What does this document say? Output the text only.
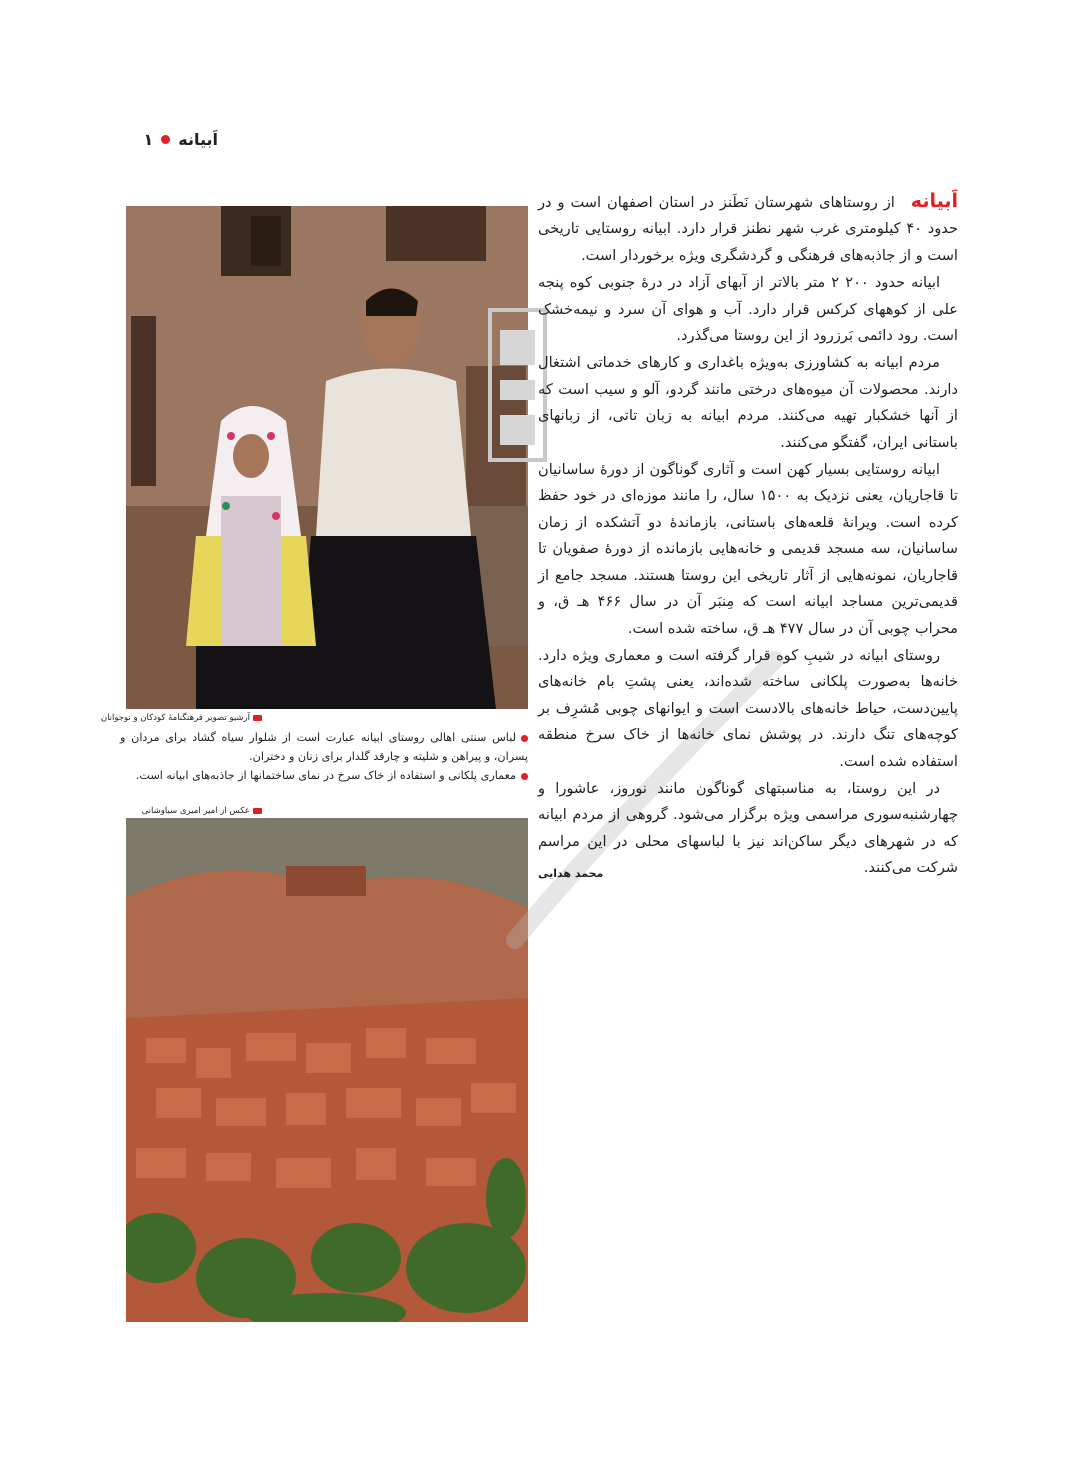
اَبیانه
۱
آرشیو تصویر فرهنگنامهٔ کودکان و نوجوانان
لباس سنتی اهالی روستای ابیانه عبارت است از شلوار سیاه گشاد برای مردان و پسران، و پیراهن و شلیته و چارقد گلدار برای زنان و دختران.
معماری پلکانی و استفاده از خاک سرخ در نمای ساختمانها از جاذبه‌های ابیانه است.
عکس از امیر امیری سیاوشانی

اَبیانه از روستاهای شهرستان نَطَنز در استان اصفهان است و در حدود ۴۰ کیلومتری غرب شهر نطنز قرار دارد. ابیانه روستایی تاریخی است و از جاذبه‌های فرهنگی و گردشگری ویژه برخوردار است.

ابیانه حدود ۲۰۰ ۲ متر بالاتر از آبهای آزاد در درهٔ جنوبی کوه پنجه علی از کوههای کرکس قرار دارد. آب و هوای آن سرد و نیمه‌خشک است. رود دائمی بَرزرود از این روستا می‌گذرد.

مردم ابیانه به کشاورزی به‌ویژه باغداری و کارهای خدماتی اشتغال دارند. محصولات آن میوه‌های درختی مانند گردو، آلو و سیب است که از آنها خشکبار تهیه می‌کنند. مردم ابیانه به زبان تاتی، از زبانهای باستانی ایران، گفتگو می‌کنند.

ابیانه روستایی بسیار کهن است و آثاری گوناگون از دورهٔ ساسانیان تا قاجاریان، یعنی نزدیک به ۱۵۰۰ سال، را مانند موزه‌ای در خود حفظ کرده است. ویرانهٔ قلعه‌های باستانی، بازماندهٔ دو آتشکده از زمان ساسانیان، سه مسجد قدیمی و خانه‌هایی بازمانده از دورهٔ صفویان تا قاجاریان، نمونه‌هایی از آثار تاریخی این روستا هستند. مسجد جامع از قدیمی‌ترین مساجد ابیانه است که مِنبَر آن در سال ۴۶۶ هـ ق، و محراب چوبی آن در سال ۴۷۷ هـ ق، ساخته شده است.

روستای ابیانه در شیبِ کوه قرار گرفته است و معماری ویژه دارد. خانه‌ها به‌صورت پلکانی ساخته شده‌اند، یعنی پشتِ بام خانه‌های پایین‌دست، حیاط خانه‌های بالادست است و ایوانهای چوبی مُشرِف بر کوچه‌های تنگ دارند. در پوشش نمای خانه‌ها از خاک سرخ منطقه استفاده شده است.

در این روستا، به مناسبتهای گوناگون مانند نوروز، عاشورا و چهارشنبه‌سوری مراسمی ویژه برگزار می‌شود. گروهی از مردم ابیانه که در شهرهای دیگر ساکن‌اند نیز با لباسهای محلی در این مراسم شرکت می‌کنند.
محمد هدایی
